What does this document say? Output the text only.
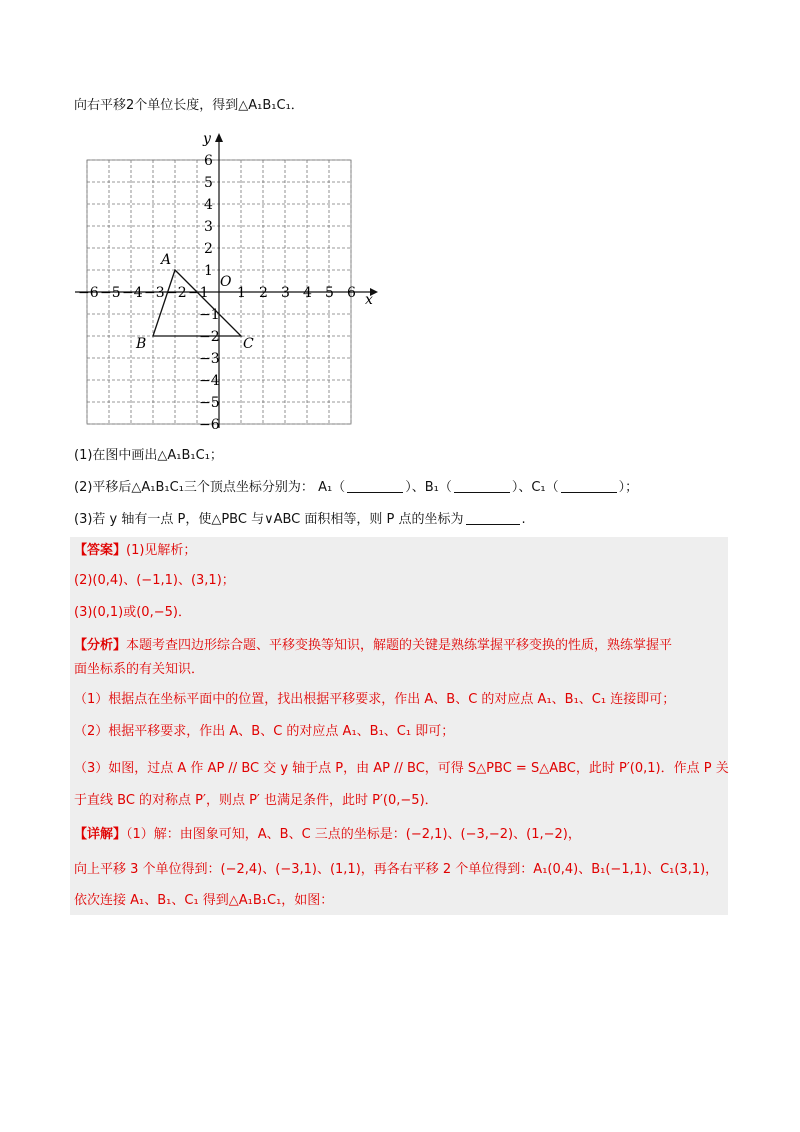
向右平移2个单位长度，得到△A₁B₁C₁．
x
y
O
−6 −5 −4 −3 −2 −1 1 2 3 4 5 6
6
5
4
3
2
1
−1
−2
−3
−4
−5
−6
A
B	C
(1)在图中画出△A₁B₁C₁；
(2)平移后△A₁B₁C₁三个顶点坐标分别为： A₁（	）、B₁（	）、C₁（	）；
(3)若 y 轴有一点 P，使△PBC 与∨ABC 面积相等，则 P 点的坐标为	.
【答案】(1)见解析；
(2)(0,4)、(−1,1)、(3,1)；
(3)(0,1)或(0,−5)．
【分析】本题考查四边形综合题、平移变换等知识，解题的关键是熟练掌握平移变换的性质，熟练掌握平
面坐标系的有关知识．
（1）根据点在坐标平面中的位置，找出根据平移要求，作出 A、B、C 的对应点 A₁、B₁、C₁ 连接即可；
（2）根据平移要求，作出 A、B、C 的对应点 A₁、B₁、C₁ 即可；
（3）如图，过点 A 作 AP // BC 交 y 轴于点 P，由 AP // BC，可得 S△PBC = S△ABC，此时 P′(0,1)．作点 P 关
于直线 BC 的对称点 P′，则点 P′ 也满足条件，此时 P′(0,−5)．
【详解】（1）解：由图象可知，A、B、C 三点的坐标是：(−2,1)、(−3,−2)、(1,−2)，
向上平移 3 个单位得到：(−2,4)、(−3,1)、(1,1)，再各右平移 2 个单位得到：A₁(0,4)、B₁(−1,1)、C₁(3,1)，
依次连接 A₁、B₁、C₁ 得到△A₁B₁C₁，如图：
